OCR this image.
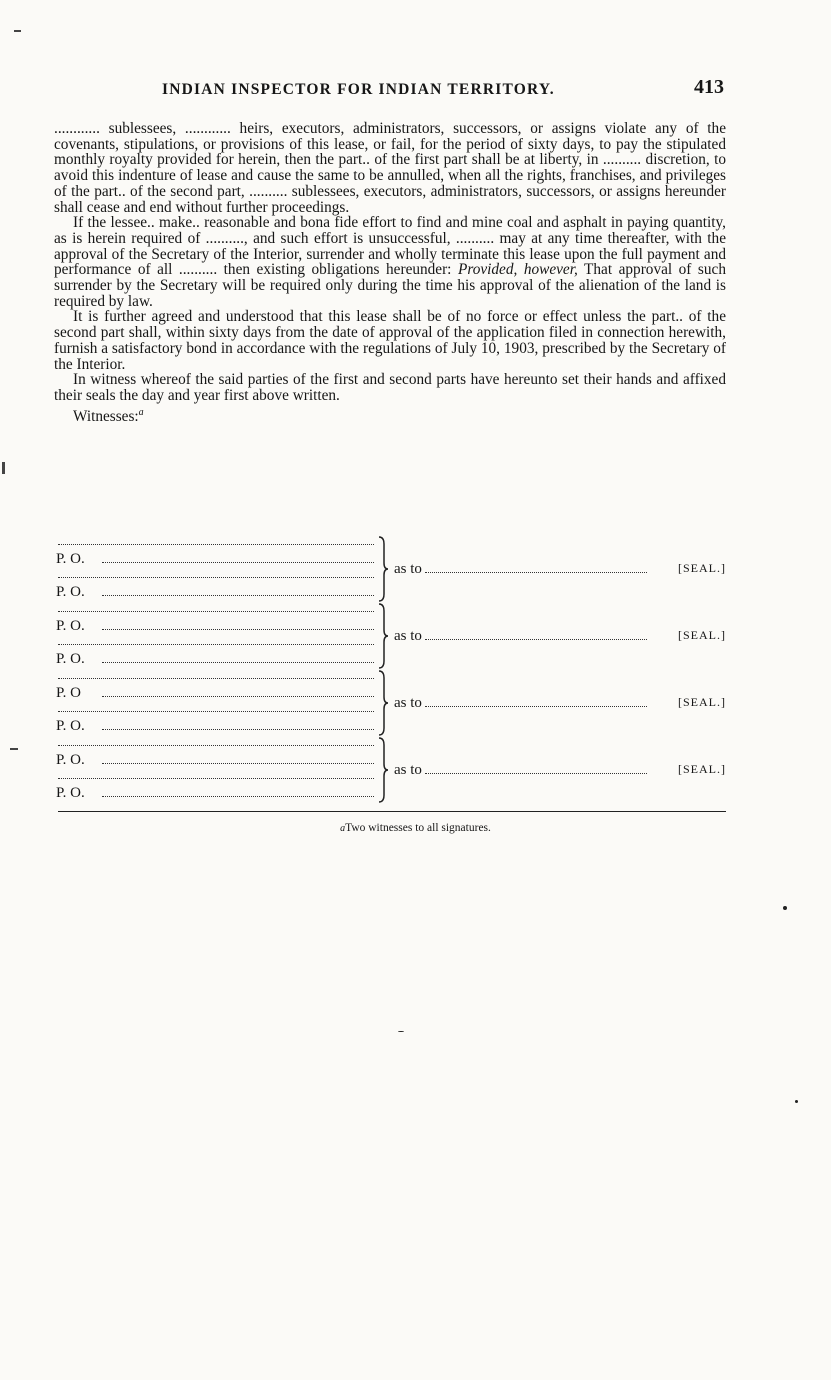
INDIAN INSPECTOR FOR INDIAN TERRITORY.	413

............ sublessees, ............ heirs, executors, administrators, successors, or assigns violate any of the covenants, stipulations, or provisions of this lease, or fail, for the period of sixty days, to pay the stipulated monthly royalty provided for herein, then the part.. of the first part shall be at liberty, in .......... discretion, to avoid this indenture of lease and cause the same to be annulled, when all the rights, franchises, and privileges of the part.. of the second part, .......... sublessees, executors, administrators, successors, or assigns hereunder shall cease and end without further proceedings.

If the lessee.. make.. reasonable and bona fide effort to find and mine coal and asphalt in paying quantity, as is herein required of .........., and such effort is unsuccessful, .......... may at any time thereafter, with the approval of the Secretary of the Interior, surrender and wholly terminate this lease upon the full payment and performance of all .......... then existing obligations hereunder: Provided, however, That approval of such surrender by the Secretary will be required only during the time his approval of the alienation of the land is required by law.

It is further agreed and understood that this lease shall be of no force or effect unless the part.. of the second part shall, within sixty days from the date of approval of the application filed in connection herewith, furnish a satisfactory bond in accordance with the regulations of July 10, 1903, prescribed by the Secretary of the Interior.

In witness whereof the said parties of the first and second parts have hereunto set their hands and affixed their seals the day and year first above written.

Witnesses:$^a$

P. O.
P. O.
as to	[SEAL.]
P. O.
P. O.
as to	[SEAL.]
P. O
P. O.
as to	[SEAL.]
P. O.
P. O.
as to	[SEAL.]
aTwo witnesses to all signatures.
